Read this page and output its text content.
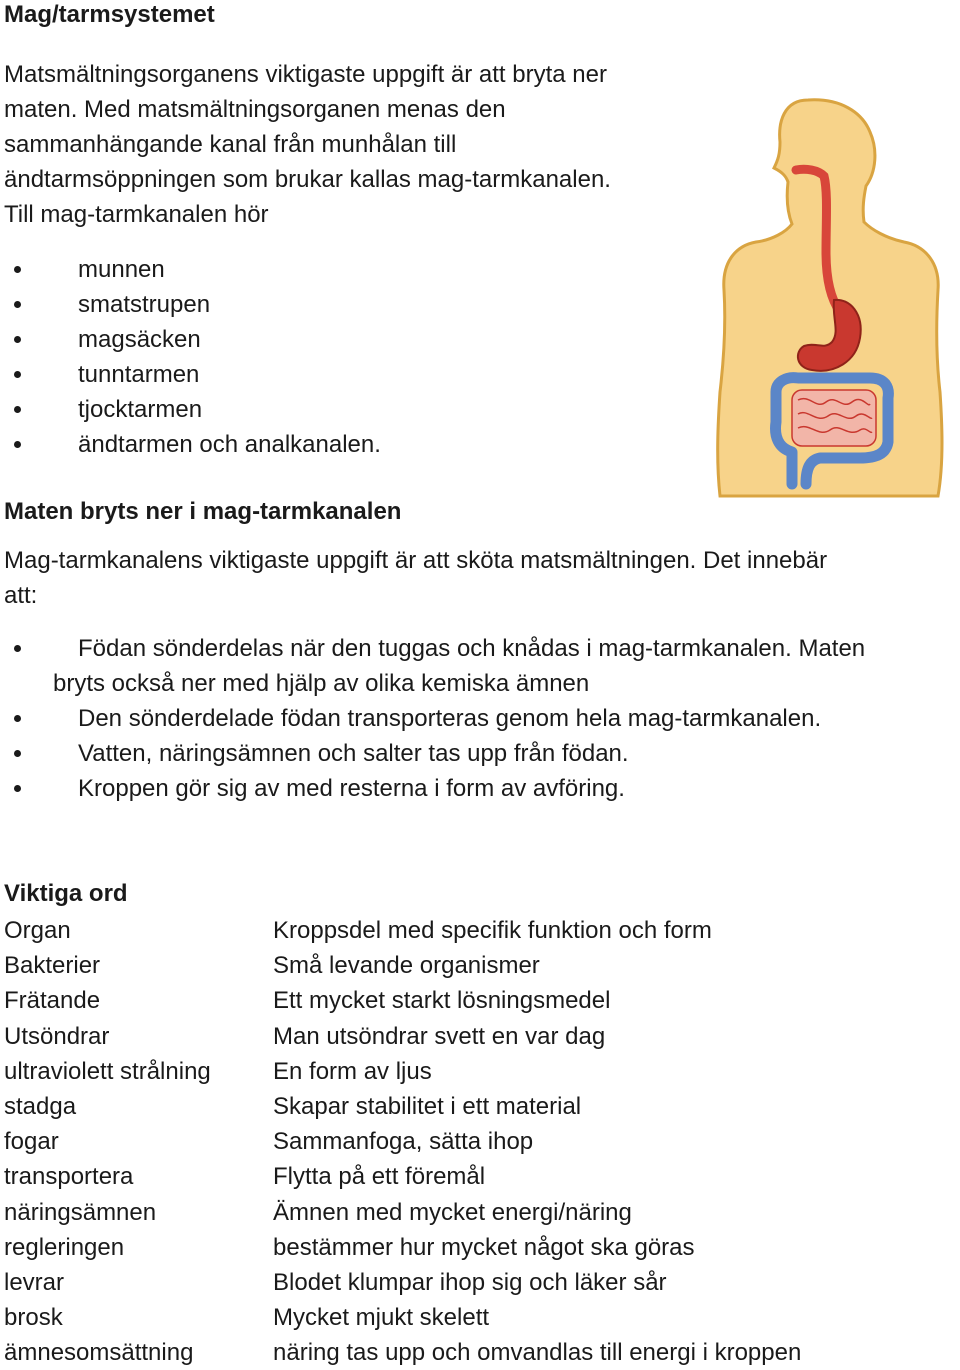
Mag/tarmsystemet
Matsmältningsorganens viktigaste uppgift är att bryta ner
maten. Med matsmältningsorganen menas den
sammanhängande kanal från munhålan till
ändtarmsöppningen som brukar kallas mag-tarmkanalen.
Till mag-tarmkanalen hör
munnen
smatstrupen
magsäcken
tunntarmen
tjocktarmen
ändtarmen och analkanalen.
Maten bryts ner i mag-tarmkanalen
Mag-tarmkanalens viktigaste uppgift är att sköta matsmältningen. Det innebär
att:
Födan sönderdelas när den tuggas och knådas i mag-tarmkanalen. Maten
bryts också ner med hjälp av olika kemiska ämnen
Den sönderdelade födan transporteras genom hela mag-tarmkanalen.
Vatten, näringsämnen och salter tas upp från födan.
Kroppen gör sig av med resterna i form av avföring.
Viktiga ord
Organ	Kroppsdel med specifik funktion och form
Bakterier	Små levande organismer
Frätande	Ett mycket starkt lösningsmedel
Utsöndrar	Man utsöndrar svett en var dag
ultraviolett strålning	En form av ljus
stadga	Skapar stabilitet i ett material
fogar	Sammanfoga, sätta ihop
transportera	Flytta på ett föremål
näringsämnen	Ämnen med mycket energi/näring
regleringen	bestämmer hur mycket något ska göras
levrar	Blodet klumpar ihop sig och läker sår
brosk	Mycket mjukt skelett
ämnesomsättning	näring tas upp och omvandlas till energi i kroppen
